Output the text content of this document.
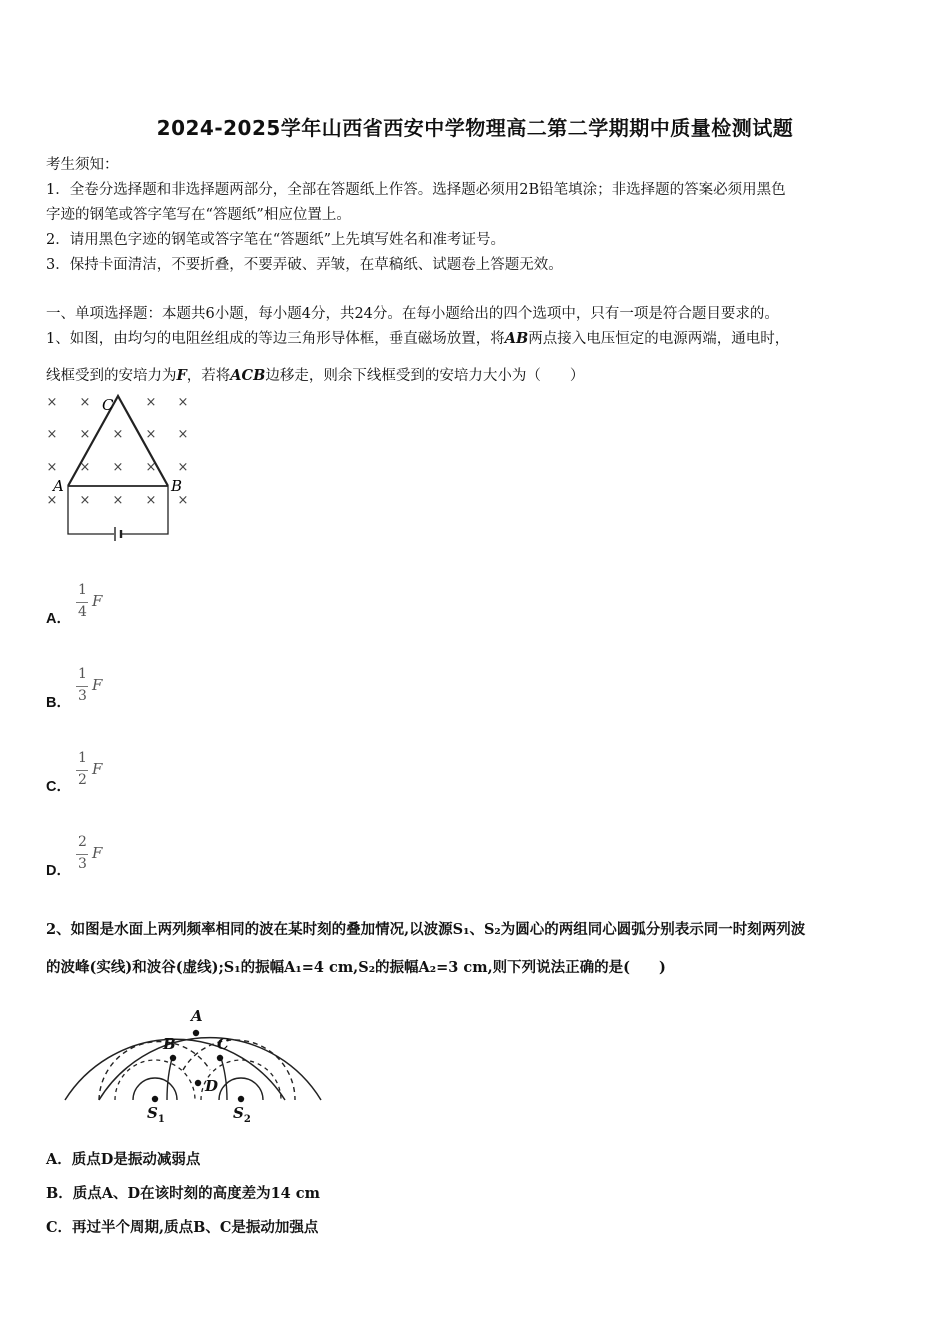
2024-2025学年山西省西安中学物理高二第二学期期中质量检测试题
考生须知：
1．全卷分选择题和非选择题两部分，全部在答题纸上作答。选择题必须用2B铅笔填涂；非选择题的答案必须用黑色
字迹的钢笔或答字笔写在“答题纸”相应位置上。
2．请用黑色字迹的钢笔或答字笔在“答题纸”上先填写姓名和准考证号。
3．保持卡面清洁，不要折叠，不要弄破、弄皱，在草稿纸、试题卷上答题无效。
一、单项选择题：本题共6小题，每小题4分，共24分。在每小题给出的四个选项中，只有一项是符合题目要求的。
1、如图，由均匀的电阻丝组成的等边三角形导体框，垂直磁场放置，将AB两点接入电压恒定的电源两端，通电时，
线框受到的安培力为F，若将ACB边移走，则余下线框受到的安培力大小为（　　）
× ×	× ×
× × × × ×
× × × × ×
× × × × ×
C
A	B
A．
1
4
F
B．
1
3
F
C．
1
2
F
D．
2
3
F
2、如图是水面上两列频率相同的波在某时刻的叠加情况,以波源S₁、S₂为圆心的两组同心圆弧分别表示同一时刻两列波
的波峰(实线)和波谷(虚线);S₁的振幅A₁=4 cm,S₂的振幅A₂=3 cm,则下列说法正确的是(　　)
A
B	C
D
$S_1$	$S_2$
A．质点D是振动减弱点
B．质点A、D在该时刻的高度差为14 cm
C．再过半个周期,质点B、C是振动加强点
